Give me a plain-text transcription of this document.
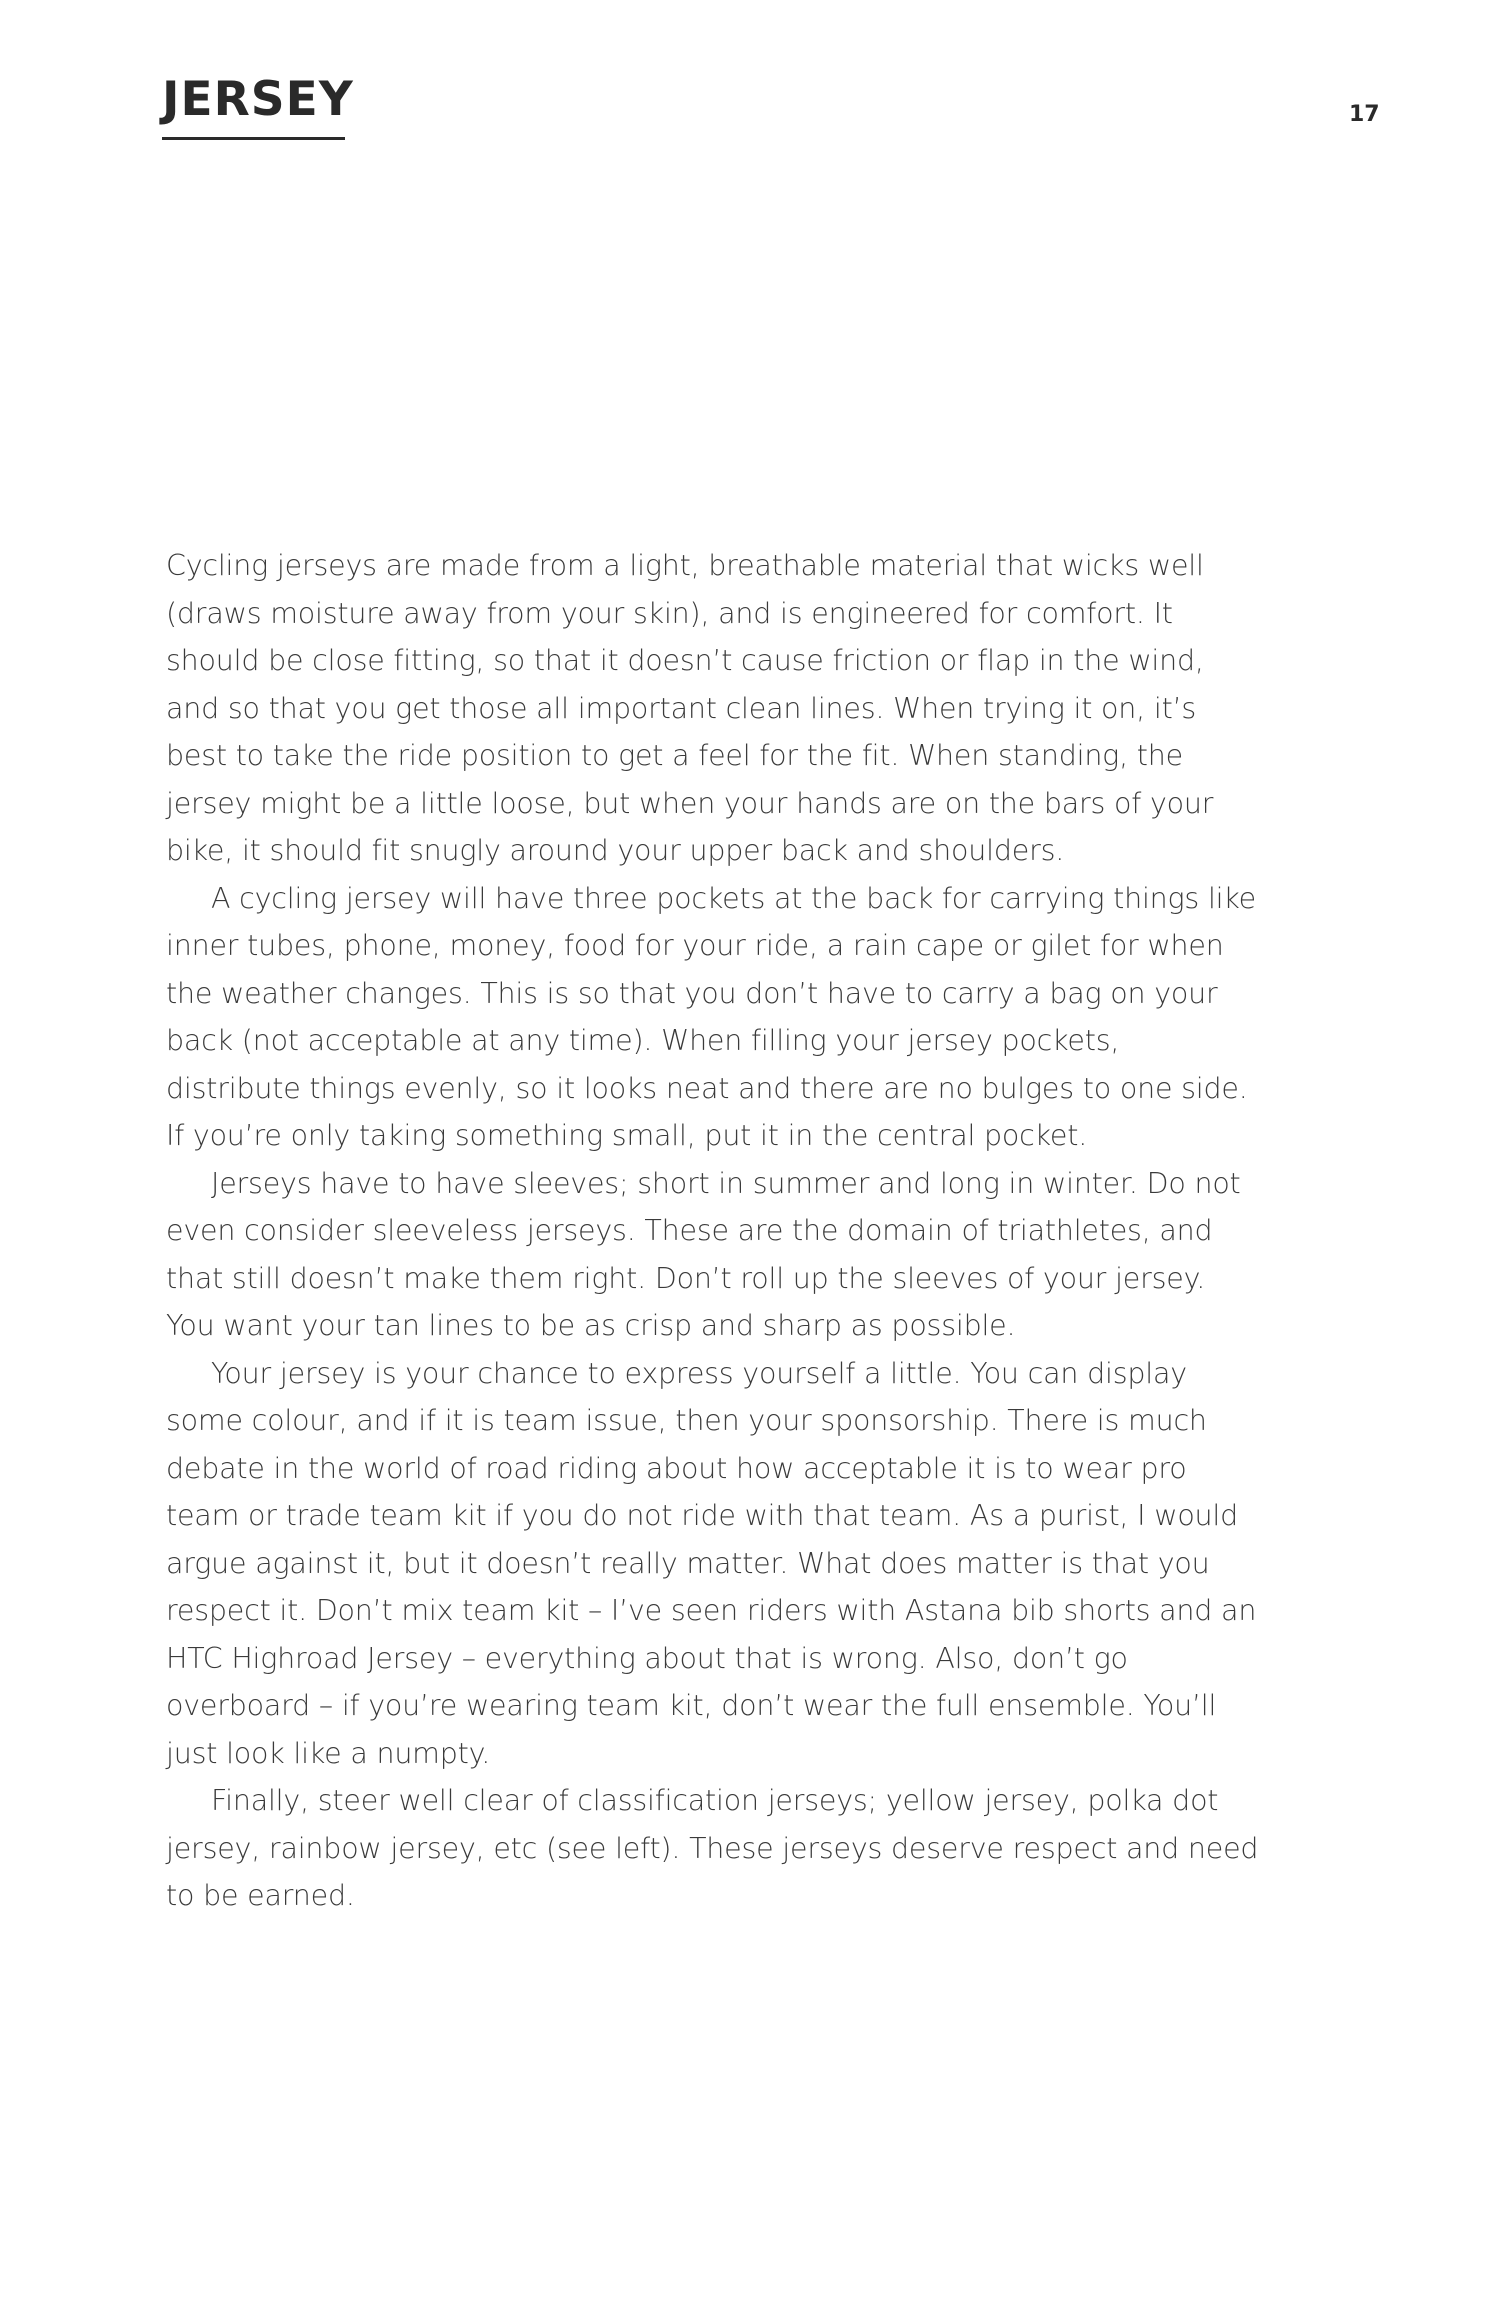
JERSEY	17

Cycling jerseys are made from a light, breathable material that wicks well (draws moisture away from your skin), and is engineered for comfort. It should be close fitting, so that it doesn’t cause friction or flap in the wind, and so that you get those all important clean lines. When trying it on, it’s best to take the ride position to get a feel for the fit. When standing, the jersey might be a little loose, but when your hands are on the bars of your bike, it should fit snugly around your upper back and shoulders.

A cycling jersey will have three pockets at the back for carrying things like inner tubes, phone, money, food for your ride, a rain cape or gilet for when the weather changes. This is so that you don’t have to carry a bag on your back (not acceptable at any time). When filling your jersey pockets, distribute things evenly, so it looks neat and there are no bulges to one side. If you’re only taking something small, put it in the central pocket.

Jerseys have to have sleeves; short in summer and long in winter. Do not even consider sleeveless jerseys. These are the domain of triathletes, and that still doesn’t make them right. Don’t roll up the sleeves of your jersey. You want your tan lines to be as crisp and sharp as possible.

Your jersey is your chance to express yourself a little. You can display some colour, and if it is team issue, then your sponsorship. There is much debate in the world of road riding about how acceptable it is to wear pro team or trade team kit if you do not ride with that team. As a purist, I would argue against it, but it doesn’t really matter. What does matter is that you respect it. Don’t mix team kit – I’ve seen riders with Astana bib shorts and an HTC Highroad Jersey – everything about that is wrong. Also, don’t go overboard – if you’re wearing team kit, don’t wear the full ensemble. You’ll just look like a numpty.

Finally, steer well clear of classification jerseys; yellow jersey, polka dot jersey, rainbow jersey, etc (see left). These jerseys deserve respect and need to be earned.
